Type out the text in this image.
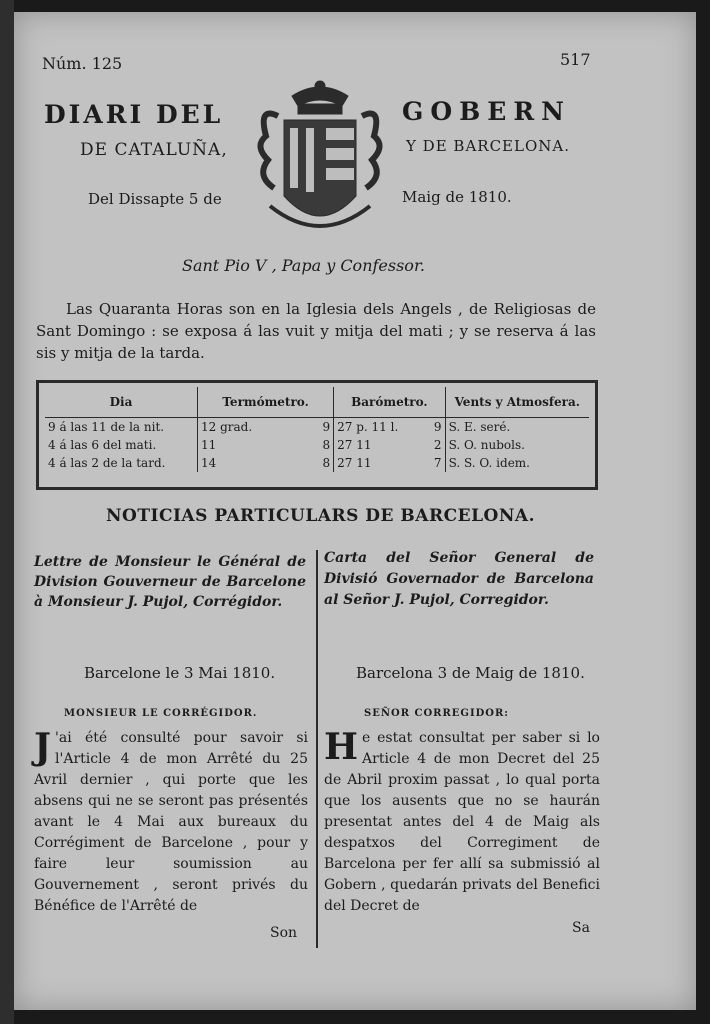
Núm. 125	517
DIARI DEL	GOBERN
DE CATALUÑA,	Y DE BARCELONA.
Del Dissapte 5 de	Maig de 1810.
Sant Pio V , Papa y Confessor.

Las Quaranta Horas son en la Iglesia dels Angels , de Religiosas de Sant Domingo : se exposa á las vuit y mitja del mati ; y se reserva á las sis y mitja de la tarda.

Dia	Termómetro.		Barómetro.		Vents y Atmosfera.
9 á las 11 de la nit.	12 grad.	9	27 p. 11 l.	9	S. E. seré.
4 á las 6 del mati.	11	8	27 11	2	S. O. nubols.
4 á las 2 de la tard.	14	8	27 11	7	S. S. O. idem.
NOTICIAS PARTICULARS DE BARCELONA.
Lettre de Monsieur le Général de Division Gouverneur de Barcelone à Monsieur J. Pujol, Corrégidor.
Carta del Señor General de Divisió Governador de Barcelona al Señor J. Pujol, Corregidor.
Barcelone le 3 Mai 1810.	Barcelona 3 de Maig de 1810.
MONSIEUR LE CORRÉGIDOR.	SEÑOR CORREGIDOR:
J 'ai été consulté pour savoir si l'Article 4 de mon Arrêté du 25 Avril dernier , qui porte que les absens qui ne se seront pas présentés avant le 4 Mai aux bureaux du Corrégiment de Barcelone , pour y faire leur soumission au Gouvernement , seront privés du Bénéfice de l'Arrêté de
He estat consultat per saber si lo Article 4 de mon Decret del 25 de Abril proxim passat , lo qual porta que los ausents que no se haurán presentat antes del 4 de Maig als despatxos del Corregiment de Barcelona per fer allí sa submissió al Gobern , quedarán privats del Benefici del Decret de
Son	Sa
